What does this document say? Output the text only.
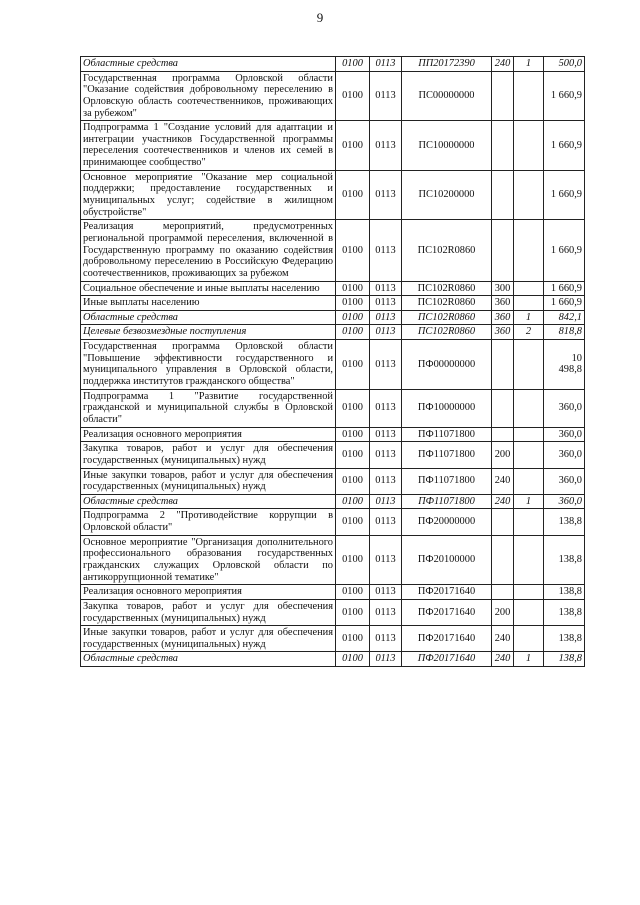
9
Областные средства	0100	0113	ПП20172390	240	1	500,0
Государственная программа Орловской области "Оказание содействия добровольному переселению в Орловскую область соотечественников, проживающих за рубежом"	0100	0113	ПС00000000			1 660,9
Подпрограмма 1 "Создание условий для адаптации и интеграции участников Государственной программы переселения соотечественников и членов их семей в принимающее сообщество"	0100	0113	ПС10000000			1 660,9
Основное мероприятие "Оказание мер социальной поддержки; предоставление государственных и муниципальных услуг; содействие в жилищном обустройстве"	0100	0113	ПС10200000			1 660,9
Реализация мероприятий, предусмотренных региональной программой переселения, включенной в Государственную программу по оказанию содействия добровольному переселению в Российскую Федерацию соотечественников, проживающих за рубежом	0100	0113	ПС102R0860			1 660,9
Социальное обеспечение и иные выплаты населению	0100	0113	ПС102R0860	300		1 660,9
Иные выплаты населению	0100	0113	ПС102R0860	360		1 660,9
Областные средства	0100	0113	ПС102R0860	360	1	842,1
Целевые безвозмездные поступления	0100	0113	ПС102R0860	360	2	818,8
Государственная программа Орловской области "Повышение эффективности государственного и муниципального управления в Орловской области, поддержка институтов гражданского общества"	0100	0113	ПФ00000000			10 498,8
Подпрограмма 1 "Развитие государственной гражданской и муниципальной службы в Орловской области"	0100	0113	ПФ10000000			360,0
Реализация основного мероприятия	0100	0113	ПФ11071800			360,0
Закупка товаров, работ и услуг для обеспечения государственных (муниципальных) нужд	0100	0113	ПФ11071800	200		360,0
Иные закупки товаров, работ и услуг для обеспечения государственных (муниципальных) нужд	0100	0113	ПФ11071800	240		360,0
Областные средства	0100	0113	ПФ11071800	240	1	360,0
Подпрограмма 2 "Противодействие коррупции в Орловской области"	0100	0113	ПФ20000000			138,8
Основное мероприятие "Организация дополнительного профессионального образования государственных гражданских служащих Орловской области по антикоррупционной тематике"	0100	0113	ПФ20100000			138,8
Реализация основного мероприятия	0100	0113	ПФ20171640			138,8
Закупка товаров, работ и услуг для обеспечения государственных (муниципальных) нужд	0100	0113	ПФ20171640	200		138,8
Иные закупки товаров, работ и услуг для обеспечения государственных (муниципальных) нужд	0100	0113	ПФ20171640	240		138,8
Областные средства	0100	0113	ПФ20171640	240	1	138,8
